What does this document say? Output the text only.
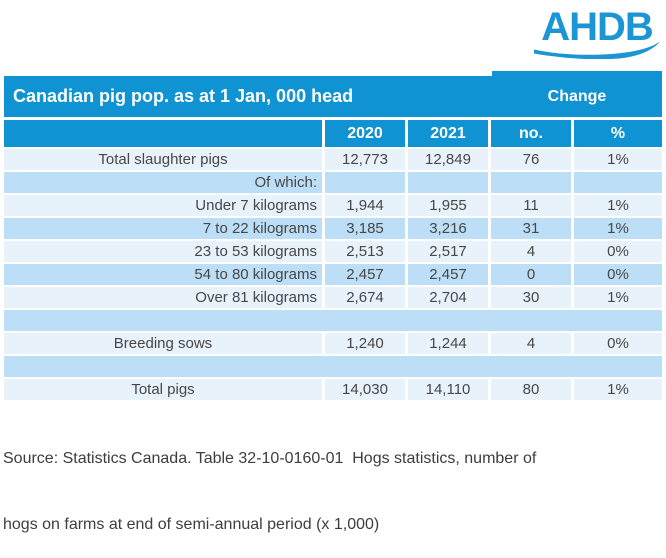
AHDB
Canadian pig pop. as at 1 Jan, 000 head	Change
2020	2021	no.	%
Total slaughter pigs	12,773	12,849	76	1%
Of which:
Under 7 kilograms	1,944	1,955	11	1%
7 to 22 kilograms	3,185	3,216	31	1%
23 to 53 kilograms	2,513	2,517	4	0%
54 to 80 kilograms	2,457	2,457	0	0%
Over 81 kilograms	2,674	2,704	30	1%
Breeding sows	1,240	1,244	4	0%
Total pigs	14,030	14,110	80	1%

Source: Statistics Canada. Table 32-10-0160-01  Hogs statistics, number of

hogs on farms at end of semi-annual period (x 1,000)
